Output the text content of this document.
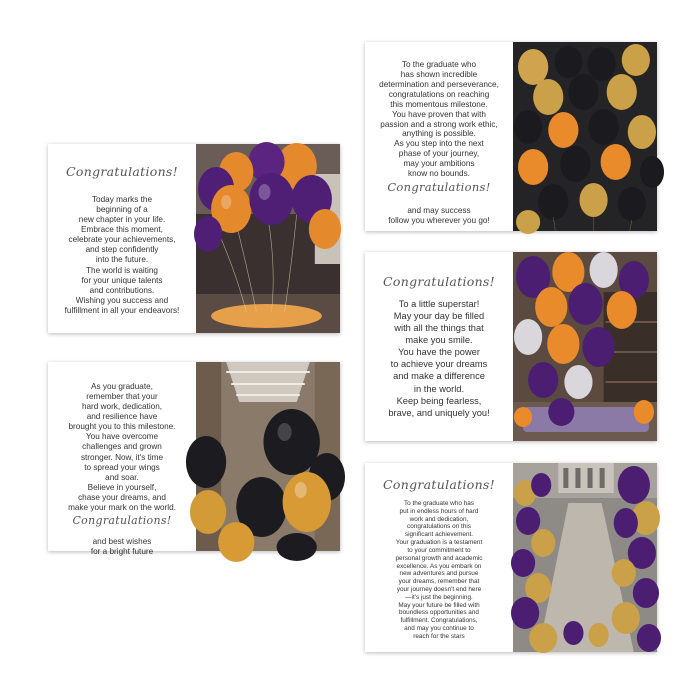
Congratulations!
Today marks the
beginning of a
new chapter in your life.
Embrace this moment,
celebrate your achievements,
and step confidently
into the future.
The world is waiting
for your unique talents
and contributions.
Wishing you success and
fulfillment in all your endeavors!
As you graduate,
remember that your
hard work, dedication,
and resilience have
brought you to this milestone.
You have overcome
challenges and grown
stronger. Now, it's time
to spread your wings
and soar.
Believe in yourself,
chase your dreams, and
make your mark on the world.
Congratulations!
and best wishes
for a bright future
To the graduate who
has shown incredible
determination and perseverance,
congratulations on reaching
this momentous milestone.
You have proven that with
passion and a strong work ethic,
anything is possible.
As you step into the next
phase of your journey,
may your ambitions
know no bounds.
Congratulations!
and may success
follow you wherever you go!
Congratulations!
To a little superstar!
May your day be filled
with all the things that
make you smile.
You have the power
to achieve your dreams
and make a difference
in the world.
Keep being fearless,
brave, and uniquely you!
Congratulations!
To the graduate who has
put in endless hours of hard
work and dedication,
congratulations on this
significant achievement.
Your graduation is a testament
to your commitment to
personal growth and academic
excellence. As you embark on
new adventures and pursue
your dreams, remember that
your journey doesn't end here
—it's just the beginning.
May your future be filled with
boundless opportunities and
fulfillment. Congratulations,
and may you continue to
reach for the stars
